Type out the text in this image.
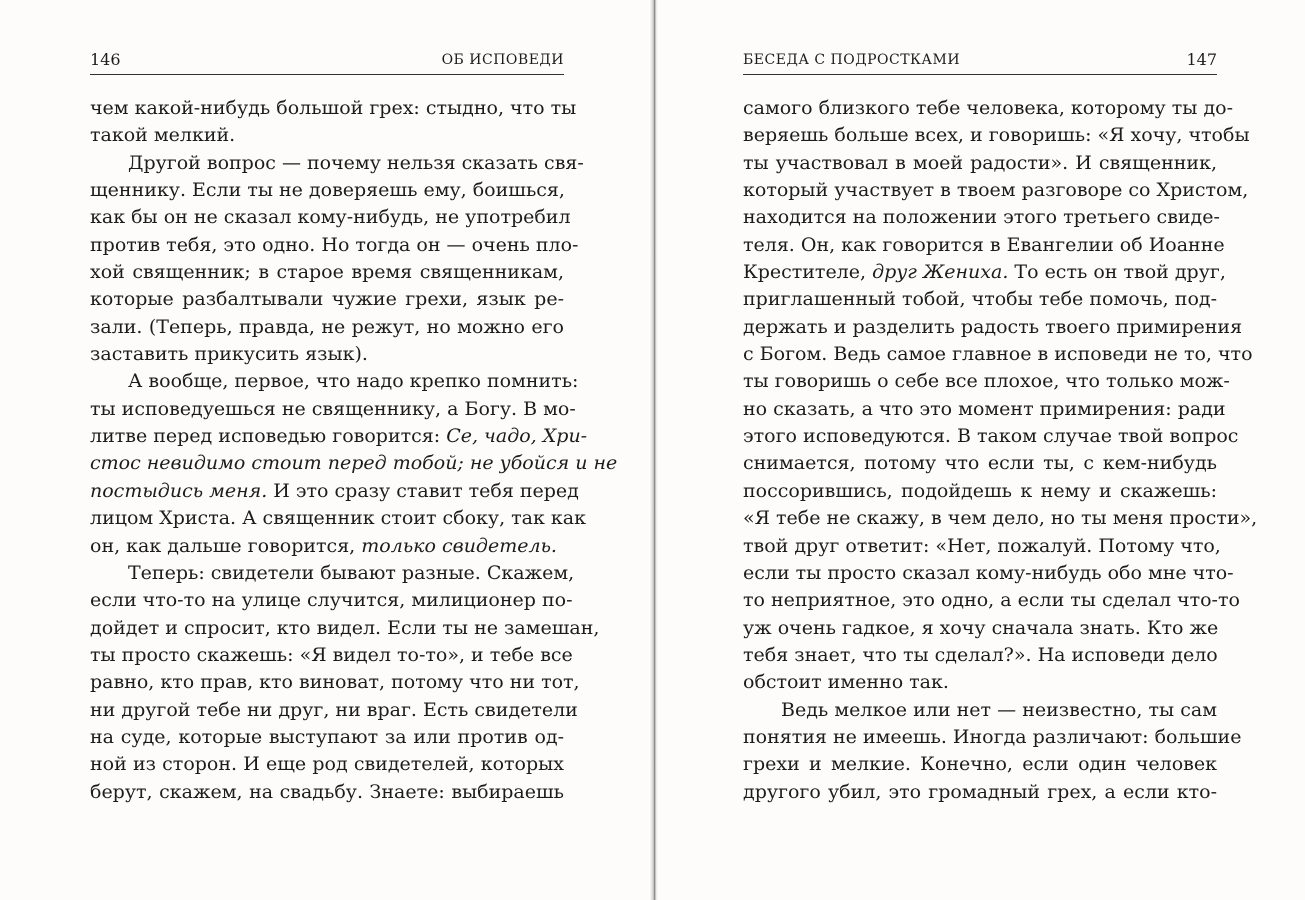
146	ОБ ИСПОВЕДИ
чем какой-нибудь большой грех: стыдно, что ты
такой мелкий.
Другой вопрос — почему нельзя сказать свя-
щеннику. Если ты не доверяешь ему, боишься,
как бы он не сказал кому-нибудь, не употребил
против тебя, это одно. Но тогда он — очень пло-
хой священник; в старое время священникам,
которые разбалтывали чужие грехи, язык ре-
зали. (Теперь, правда, не режут, но можно его
заставить прикусить язык).
А вообще, первое, что надо крепко помнить:
ты исповедуешься не священнику, а Богу. В мо-
литве перед исповедью говорится: Се, чадо, Хри-
стос невидимо стоит перед тобой; не убойся и не
постыдись меня. И это сразу ставит тебя перед
лицом Христа. А священник стоит сбоку, так как
он, как дальше говорится, только свидетель.
Теперь: свидетели бывают разные. Скажем,
если что-то на улице случится, милиционер по-
дойдет и спросит, кто видел. Если ты не замешан,
ты просто скажешь: «Я видел то-то», и тебе все
равно, кто прав, кто виноват, потому что ни тот,
ни другой тебе ни друг, ни враг. Есть свидетели
на суде, которые выступают за или против од-
ной из сторон. И еще род свидетелей, которых
берут, скажем, на свадьбу. Знаете: выбираешь
БЕСЕДА С ПОДРОСТКАМИ	147
самого близкого тебе человека, которому ты до-
веряешь больше всех, и говоришь: «Я хочу, чтобы
ты участвовал в моей радости». И священник,
который участвует в твоем разговоре со Христом,
находится на положении этого третьего свиде-
теля. Он, как говорится в Евангелии об Иоанне
Крестителе, друг Жениха. То есть он твой друг,
приглашенный тобой, чтобы тебе помочь, под-
держать и разделить радость твоего примирения
с Богом. Ведь самое главное в исповеди не то, что
ты говоришь о себе все плохое, что только мож-
но сказать, а что это момент примирения: ради
этого исповедуются. В таком случае твой вопрос
снимается, потому что если ты, с кем-нибудь
поссорившись, подойдешь к нему и скажешь:
«Я тебе не скажу, в чем дело, но ты меня прости»,
твой друг ответит: «Нет, пожалуй. Потому что,
если ты просто сказал кому-нибудь обо мне что-
то неприятное, это одно, а если ты сделал что-то
уж очень гадкое, я хочу сначала знать. Кто же
тебя знает, что ты сделал?». На исповеди дело
обстоит именно так.
Ведь мелкое или нет — неизвестно, ты сам
понятия не имеешь. Иногда различают: большие
грехи и мелкие. Конечно, если один человек
другого убил, это громадный грех, а если кто-
